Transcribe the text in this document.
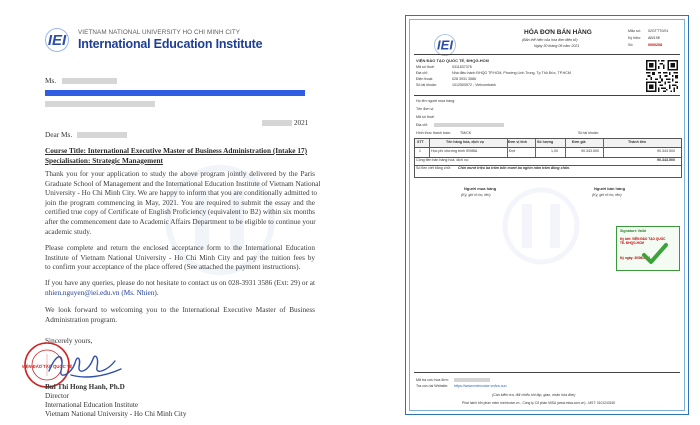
IEI VIETNAM NATIONAL UNIVERSITY HO CHI MINH CITY
International Education Institute
Ms.
2021
Dear Ms.
Course Title: International Executive Master of Business Administration (Intake 17)
Specialisation: Strategic Management
Thank you for your application to study the above program jointly delivered by the Paris
Graduate School of Management and the International Education Institute of Vietnam National
University - Ho Chi Minh City. We are happy to inform that you are conditionally admitted to
join the program commencing in May, 2021. You are required to submit the essay and the
certified true copy of Certificate of English Proficiency (equivalent to B2) within six months
after the commencement date to Academic Affairs Department to be eligible to continue your
academic study.
Please complete and return the enclosed acceptance form to the International Education
Institute of Vietnam National University - Ho Chi Minh City and pay the tuition fees by
to confirm your acceptance of the place offered (See attached the payment instructions).
If you have any queries, please do not hesitate to contact us on 028-3931 3586 (Ext: 29) or at
nhien.nguyen@iei.edu.vn (Ms. Nhien).
We look forward to welcoming you to the International Executive Master of Business
Administration program.
Sincerely yours,
VIỆN ĐÀO TẠO QUỐC TẾ
Bui Thi Hong Hanh, Ph.D
Director
International Education Institute
Vietnam National University - Ho Chi Minh City
IEI
HÓA ĐƠN BÁN HÀNG
(Bản thể hiện của hóa đơn điện tử)
Ngày 30 tháng 06 năm 2021
Mẫu số: 02GTTT0/01
Ký hiệu: AB/19E
Số:	0000208
VIỆN ĐÀO TẠO QUỐC TẾ, ĐHQG-HCM
Mã số thuế:	0311837376
Địa chỉ:	Nhà điều hành ĐHQG TP.HCM, Phường Linh Trung, Tp Thủ Đức, TP.HCM
Điện thoại:	028 3931 3586
Số tài khoản:	1012500572 - Vietcombank
Họ tên người mua hàng:
Tên đơn vị:
Mã số thuế:
Địa chỉ:
Hình thức thanh toán:	TM/CK	Số tài khoản:
STT	Tên hàng hóa, dịch vụ	Đơn vị tính	Số lượng	Đơn giá	Thành tiền
1	Học phí chương trình IEMBA	Đợt	1,00	90.343.500	90.343.500
Cộng tiền bán hàng hóa, dịch vụ:	90.343.500
Số tiền viết bằng chữ: Chín mươi triệu ba trăm bốn mươi ba nghìn năm trăm đồng chẵn.
Người mua hàng
(Ký, ghi rõ họ, tên)
Người bán hàng
(Ký, ghi rõ họ, tên)
Signature Valid
Ký bởi: VIỆN ĐÀO TẠO QUỐC TẾ- ĐHQG-HCM
Ký ngày: 30/06/2021
Mã tra cứu hóa đơn:
Tra cứu tại Website: https://www.meinvoice.vn/tra-cuu
(Cần kiểm tra, đối chiếu khi lập, giao, nhận hóa đơn)
Phát hành bởi phần mềm meInvoice.vn - Công ty Cổ phần MISA (www.misa.com.vn) - MST: 0101243150
